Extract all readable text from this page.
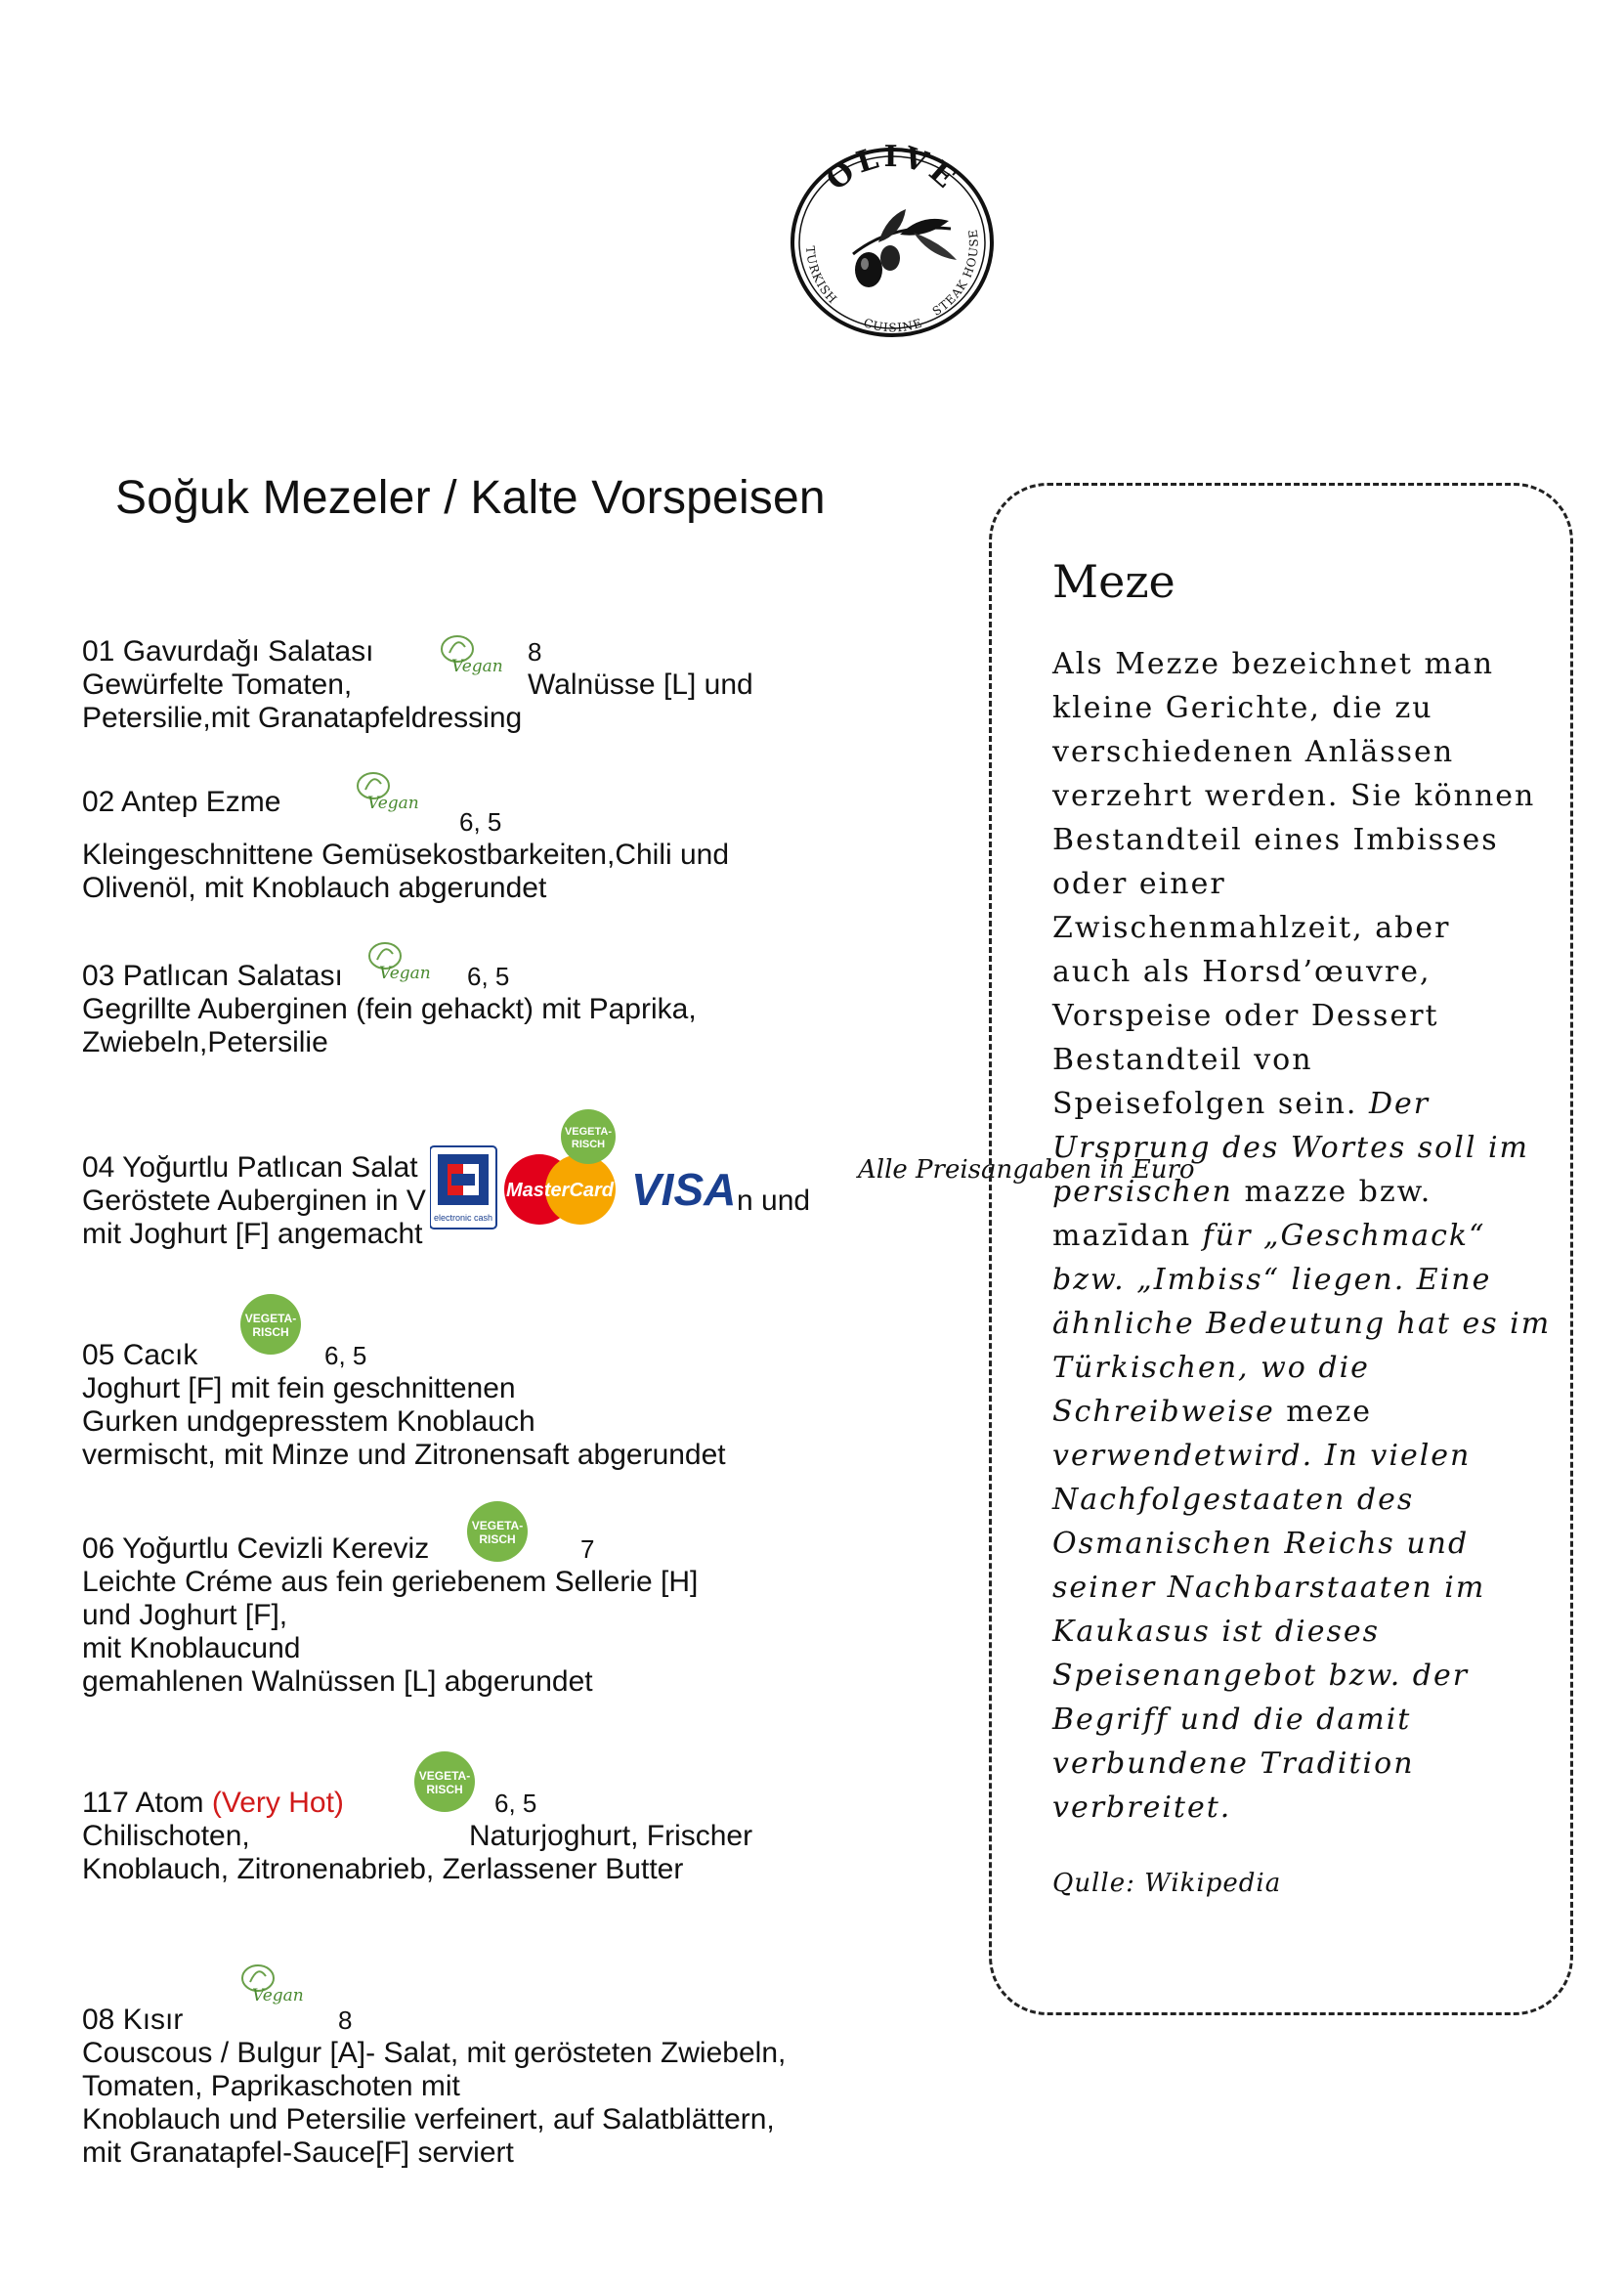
OLIVE
TURKISH
CUISINE
STEAK HOUSE
Soğuk Mezeler / Kalte Vorspeisen
01 Gavurdağı Salatası	Vegan 8
Gewürfelte Tomaten,	Walnüsse [L] und
Petersilie,mit Granatapfeldressing
02 Antep Ezme	Vegan
6, 5
Kleingeschnittene Gemüsekostbarkeiten,Chili und
Olivenöl, mit Knoblauch abgerundet
03 Patlıcan Salatası Vegan 6, 5
Gegrillte Auberginen (fein gehackt) mit Paprika,
Zwiebeln,Petersilie
04 Yoğurtlu Patlıcan Salat
Geröstete Auberginen in V	n und
mit Joghurt [F] angemacht electronic cash
MasterCard
VEGETA-
RISCH
VISA	Alle Preisangaben in Euro
VEGETA-
RISCH
05 Cacık	6, 5
Joghurt [F] mit fein geschnittenen
Gurken undgepresstem Knoblauch
vermischt, mit Minze und Zitronensaft abgerundet
VEGETA-
RISCH
06 Yoğurtlu Cevizli Kereviz	7
Leichte Créme aus fein geriebenem Sellerie [H]
und Joghurt [F],
mit Knoblaucund
gemahlenen Walnüssen [L] abgerundet
VEGETA-
RISCH
117 Atom (Very Hot)	6, 5
Chilischoten,	Naturjoghurt, Frischer
Knoblauch, Zitronenabrieb, Zerlassener Butter
Vegan
08 Kısır	8
Couscous / Bulgur [A]- Salat, mit gerösteten Zwiebeln,
Tomaten, Paprikaschoten mit
Knoblauch und Petersilie verfeinert, auf Salatblättern,
mit Granatapfel-Sauce[F] serviert
Meze
Als Mezze bezeichnet man
kleine Gerichte, die zu
verschiedenen Anlässen
verzehrt werden. Sie können
Bestandteil eines Imbisses
oder einer
Zwischenmahlzeit, aber
auch als Horsd’œuvre,
Vorspeise oder Dessert
Bestandteil von
Speisefolgen sein. Der
Ursprung des Wortes soll im
persischen mazze bzw.
mazīdan für „Geschmack“
bzw. „Imbiss“ liegen. Eine
ähnliche Bedeutung hat es im
Türkischen, wo die
Schreibweise meze
verwendetwird. In vielen
Nachfolgestaaten des
Osmanischen Reichs und
seiner Nachbarstaaten im
Kaukasus ist dieses
Speisenangebot bzw. der
Begriff und die damit
verbundene Tradition
verbreitet.
Qulle: Wikipedia
